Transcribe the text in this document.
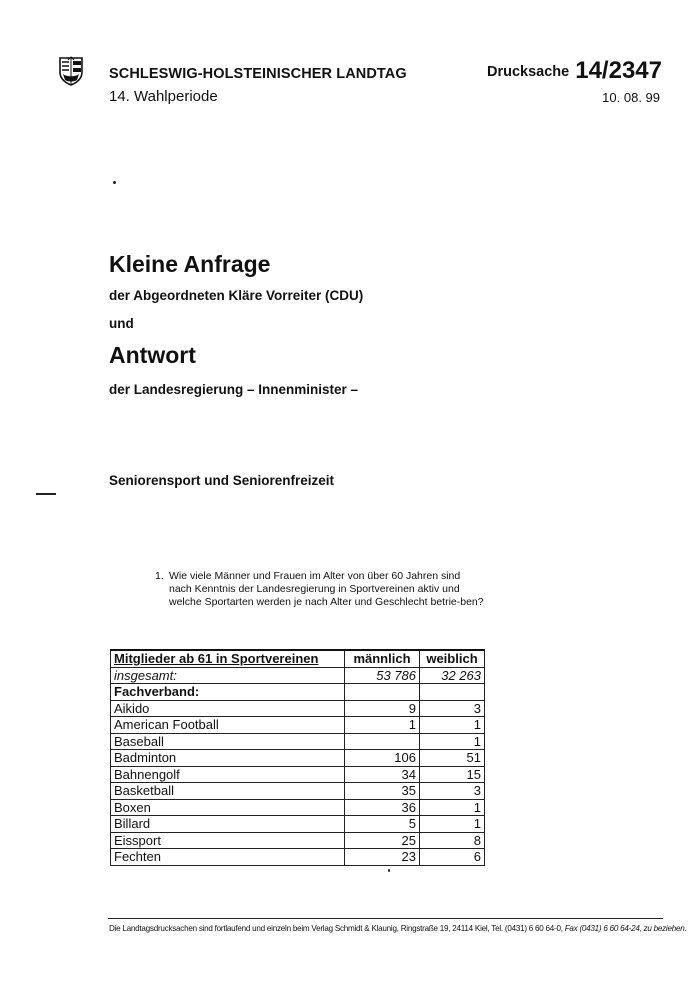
SCHLESWIG-HOLSTEINISCHER LANDTAG
14. Wahlperiode
Drucksache 14/2347
10. 08. 99
Kleine Anfrage
der Abgeordneten Kläre Vorreiter (CDU)
und
Antwort
der Landesregierung – Innenminister –
Seniorensport und Seniorenfreizeit
1. Wie viele Männer und Frauen im Alter von über 60 Jahren sind nach Kenntnis der Landesregierung in Sportvereinen aktiv und welche Sportarten werden je nach Alter und Geschlecht betrie-ben?
Mitglieder ab 61 in Sportvereinen	männlich	weiblich
insgesamt:	53 786	32 263
Fachverband:		
Aikido	9	3
American Football	1	1
Baseball		1
Badminton	106	51
Bahnengolf	34	15
Basketball	35	3
Boxen	36	1
Billard	5	1
Eissport	25	8
Fechten	23	6
Die Landtagsdrucksachen sind fortlaufend und einzeln beim Verlag Schmidt & Klaunig, Ringstraße 19, 24114 Kiel, Tel. (0431) 6 60 64-0, Fax (0431) 6 60 64-24, zu beziehen.
